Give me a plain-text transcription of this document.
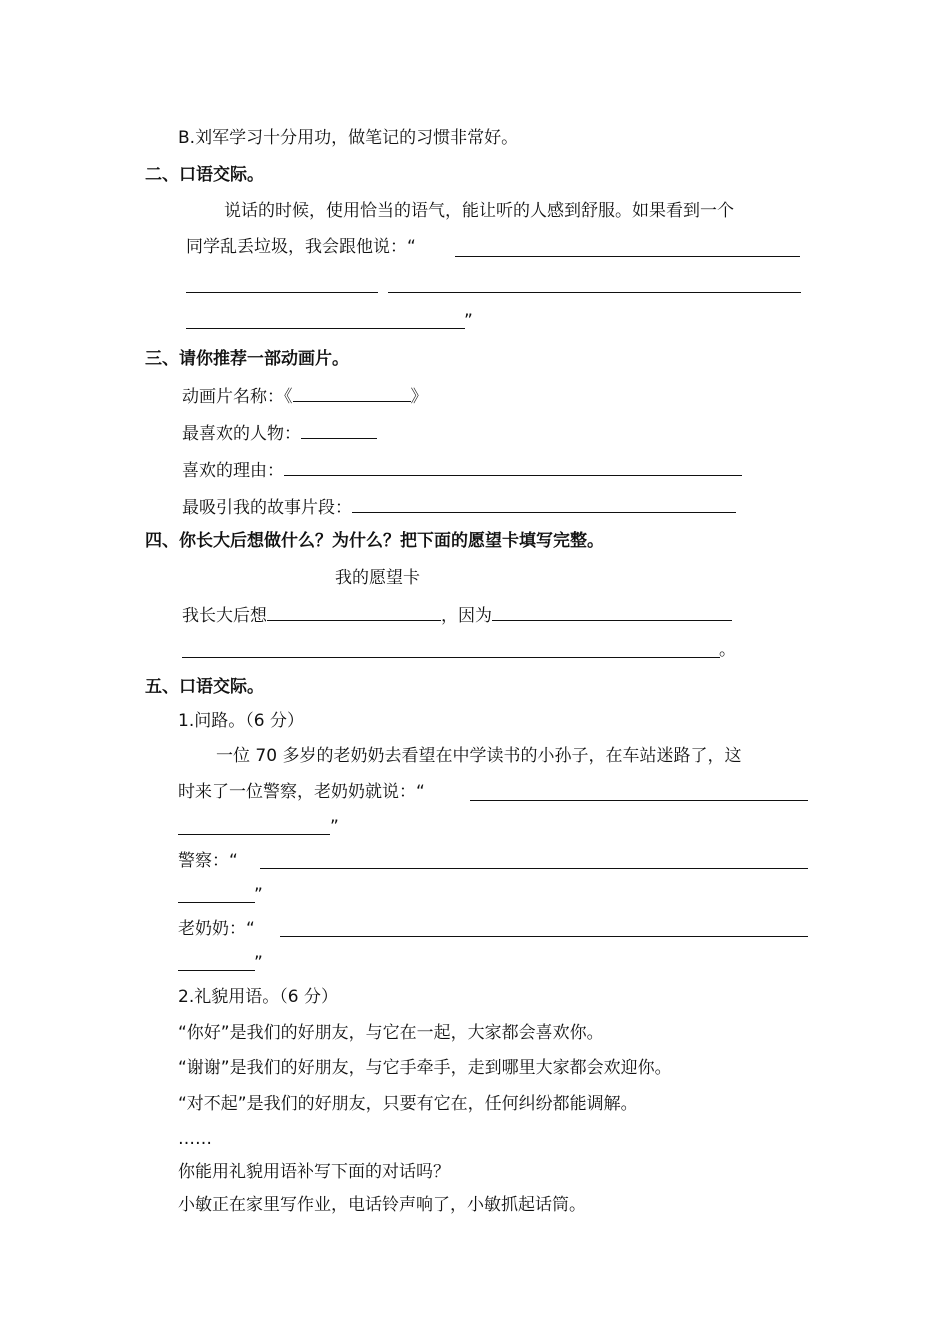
B.刘军学习十分用功，做笔记的习惯非常好。
二、口语交际。
说话的时候，使用恰当的语气，能让听的人感到舒服。如果看到一个
同学乱丢垃圾，我会跟他说：“
”
三、请你推荐一部动画片。
动画片名称：《	》
最喜欢的人物：
喜欢的理由：
最吸引我的故事片段：
四、你长大后想做什么？为什么？把下面的愿望卡填写完整。
我的愿望卡
我长大后想	，因为
。
五、口语交际。
1.问路。（6 分）
一位 70 多岁的老奶奶去看望在中学读书的小孙子，在车站迷路了，这
时来了一位警察，老奶奶就说：“
”
警察：“
”
老奶奶：“
”
2.礼貌用语。（6 分）
“你好”是我们的好朋友，与它在一起，大家都会喜欢你。
“谢谢”是我们的好朋友，与它手牵手，走到哪里大家都会欢迎你。
“对不起”是我们的好朋友，只要有它在，任何纠纷都能调解。
……
你能用礼貌用语补写下面的对话吗？
小敏正在家里写作业，电话铃声响了，小敏抓起话筒。
